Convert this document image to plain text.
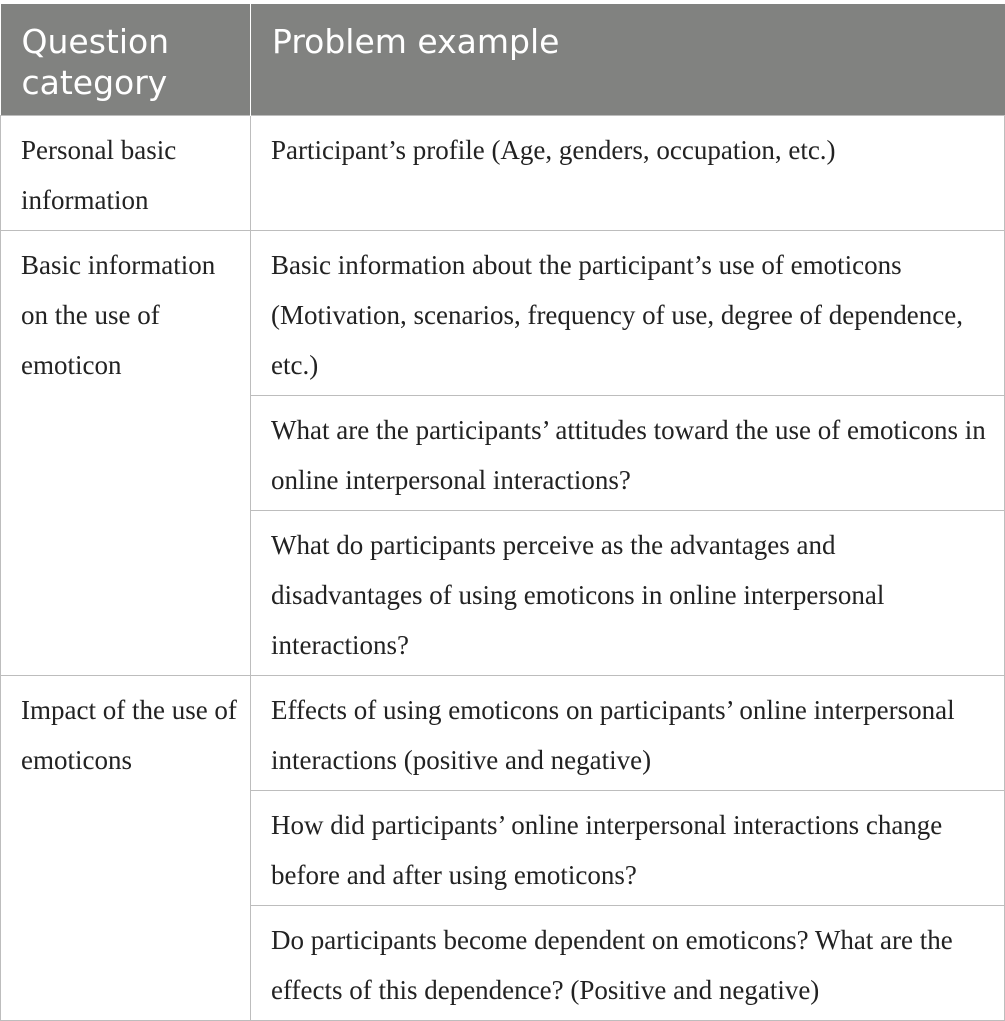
Question category	Problem example
Personal basic information	Participant’s profile (Age, genders, occupation, etc.)
Basic information on the use of emoticon	Basic information about the participant’s use of emoticons (Motivation, scenarios, frequency of use, degree of dependence, etc.)
	What are the participants’ attitudes toward the use of emoticons in online interpersonal interactions?
	What do participants perceive as the advantages and disadvantages of using emoticons in online interpersonal interactions?
Impact of the use of emoticons	Effects of using emoticons on participants’ online interpersonal interactions (positive and negative)
	How did participants’ online interpersonal interactions change before and after using emoticons?
	Do participants become dependent on emoticons? What are the effects of this dependence? (Positive and negative)
